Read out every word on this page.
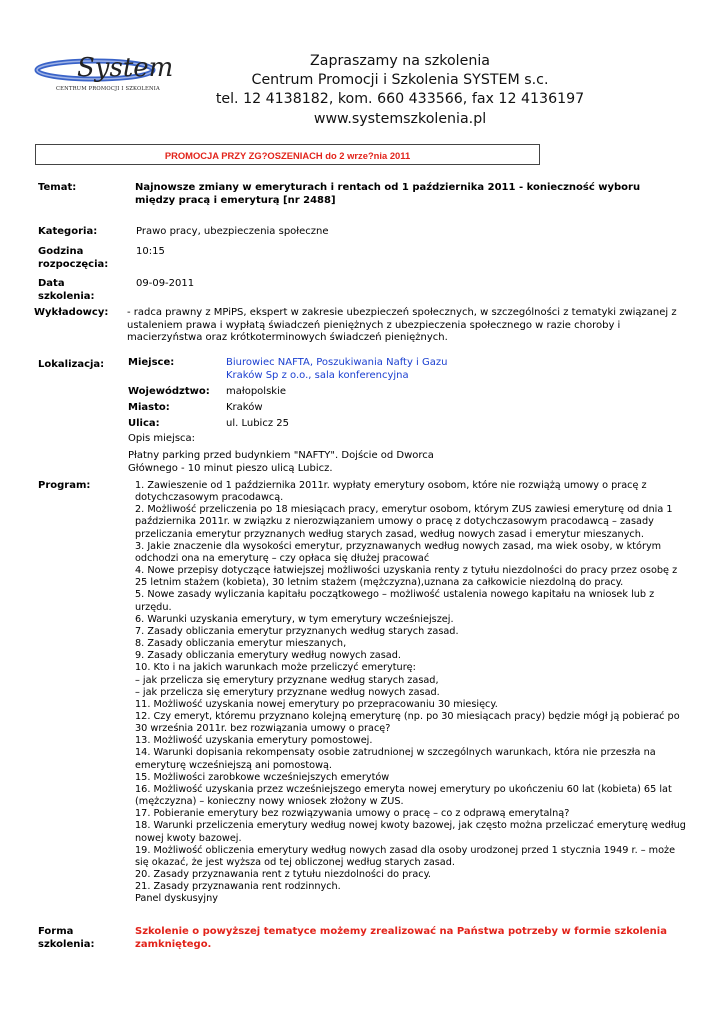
System
CENTRUM PROMOCJI I SZKOLENIA
Zapraszamy na szkolenia
Centrum Promocji i Szkolenia SYSTEM s.c.
tel. 12 4138182, kom. 660 433566, fax 12 4136197
www.systemszkolenia.pl
PROMOCJA PRZY ZG?OSZENIACH do 2 wrze?nia 2011
Temat:	Najnowsze zmiany w emeryturach i rentach od 1 października 2011 - konieczność wyboru między pracą i emeryturą [nr 2488]
Kategoria:	Prawo pracy, ubezpieczenia społeczne
Godzina rozpoczęcia:
10:15
Data szkolenia:
09-09-2011
Wykładowcy: - radca prawny z MPiPS, ekspert w zakresie ubezpieczeń społecznych, w szczególności z tematyki związanej z ustaleniem prawa i wypłatą świadczeń pieniężnych z ubezpieczenia społecznego w razie choroby i macierzyństwa oraz krótkoterminowych świadczeń pieniężnych.
Lokalizacja: Miejsce:	Biurowiec NAFTA, Poszukiwania Nafty i Gazu
Kraków Sp z o.o., sala konferencyjna
Województwo: małopolskie
Miasto:	Kraków
Ulica:	ul. Lubicz 25
Opis miejsca:
Płatny parking przed budynkiem "NAFTY". Dojście od Dworca Głównego - 10 minut pieszo ulicą Lubicz.
Program:	1. Zawieszenie od 1 października 2011r. wypłaty emerytury osobom, które nie rozwiążą umowy o pracę z
dotychczasowym pracodawcą.
2. Możliwość przeliczenia po 18 miesiącach pracy, emerytur osobom, którym ZUS zawiesi emeryturę od dnia 1
października 2011r. w związku z nierozwiązaniem umowy o pracę z dotychczasowym pracodawcą – zasady
przeliczania emerytur przyznanych według starych zasad, według nowych zasad i emerytur mieszanych.
3. Jakie znaczenie dla wysokości emerytur, przyznawanych według nowych zasad, ma wiek osoby, w którym
odchodzi ona na emeryturę – czy opłaca się dłużej pracować
4. Nowe przepisy dotyczące łatwiejszej możliwości uzyskania renty z tytułu niezdolności do pracy przez osobę z
25 letnim stażem (kobieta), 30 letnim stażem (mężczyzna),uznana za całkowicie niezdolną do pracy.
5. Nowe zasady wyliczania kapitału początkowego – możliwość ustalenia nowego kapitału na wniosek lub z
urzędu.
6. Warunki uzyskania emerytury, w tym emerytury wcześniejszej.
7. Zasady obliczania emerytur przyznanych według starych zasad.
8. Zasady obliczania emerytur mieszanych,
9. Zasady obliczania emerytury według nowych zasad.
10. Kto i na jakich warunkach może przeliczyć emeryturę:
– jak przelicza się emerytury przyznane według starych zasad,
– jak przelicza się emerytury przyznane według nowych zasad.
11. Możliwość uzyskania nowej emerytury po przepracowaniu 30 miesięcy.
12. Czy emeryt, któremu przyznano kolejną emeryturę (np. po 30 miesiącach pracy) będzie mógł ją pobierać po
30 września 2011r. bez rozwiązania umowy o pracę?
13. Możliwość uzyskania emerytury pomostowej.
14. Warunki dopisania rekompensaty osobie zatrudnionej w szczególnych warunkach, która nie przeszła na
emeryturę wcześniejszą ani pomostową.
15. Możliwości zarobkowe wcześniejszych emerytów
16. Możliwość uzyskania przez wcześniejszego emeryta nowej emerytury po ukończeniu 60 lat (kobieta) 65 lat
(mężczyzna) – konieczny nowy wniosek złożony w ZUS.
17. Pobieranie emerytury bez rozwiązywania umowy o pracę – co z odprawą emerytalną?
18. Warunki przeliczenia emerytury według nowej kwoty bazowej, jak często można przeliczać emeryturę według
nowej kwoty bazowej.
19. Możliwość obliczenia emerytury według nowych zasad dla osoby urodzonej przed 1 stycznia 1949 r. – może
się okazać, że jest wyższa od tej obliczonej według starych zasad.
20. Zasady przyznawania rent z tytułu niezdolności do pracy.
21. Zasady przyznawania rent rodzinnych.
Panel dyskusyjny
Forma szkolenia:
Szkolenie o powyższej tematyce możemy zrealizować na Państwa potrzeby w formie szkolenia zamkniętego.
